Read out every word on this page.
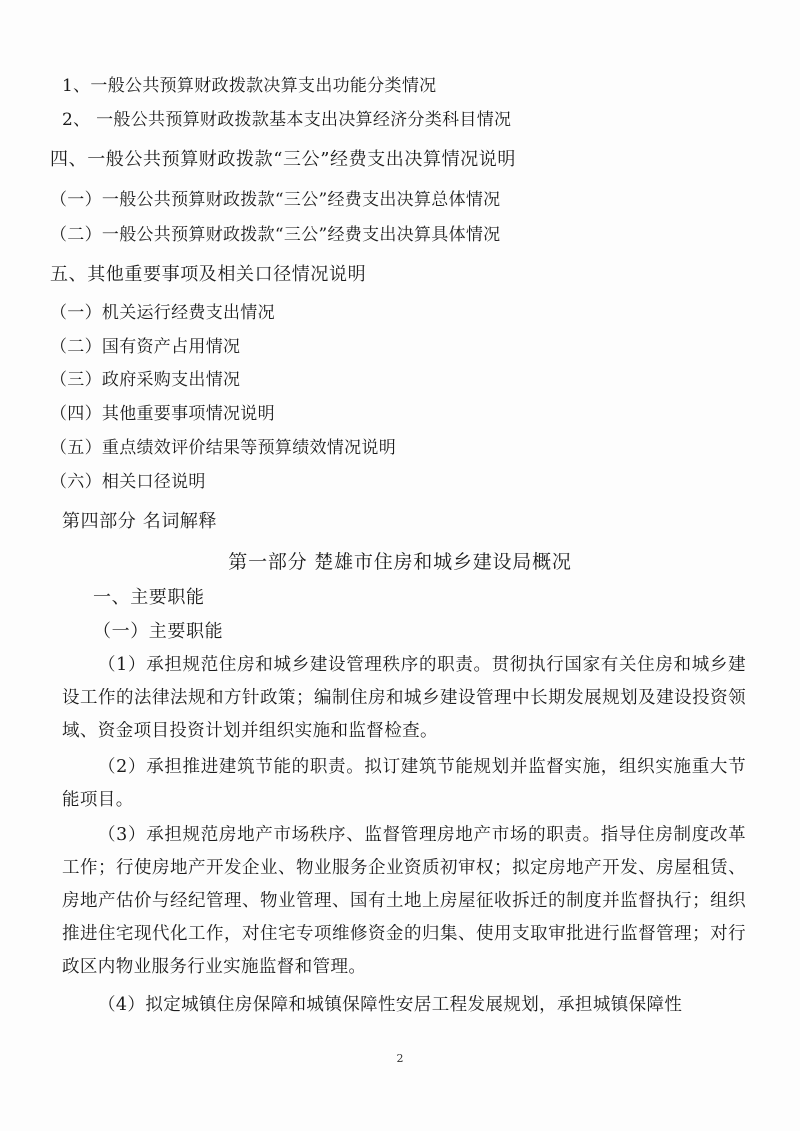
1、一般公共预算财政拨款决算支出功能分类情况
2、 一般公共预算财政拨款基本支出决算经济分类科目情况
四、一般公共预算财政拨款“三公”经费支出决算情况说明
（一）一般公共预算财政拨款“三公”经费支出决算总体情况
（二）一般公共预算财政拨款“三公”经费支出决算具体情况
五、其他重要事项及相关口径情况说明
（一）机关运行经费支出情况
（二）国有资产占用情况
（三）政府采购支出情况
（四）其他重要事项情况说明
（五）重点绩效评价结果等预算绩效情况说明
（六）相关口径说明
第四部分 名词解释
第一部分 楚雄市住房和城乡建设局概况
一、主要职能
（一）主要职能
（1）承担规范住房和城乡建设管理秩序的职责。贯彻执行国家有关住房和城乡建设工作的法律法规和方针政策；编制住房和城乡建设管理中长期发展规划及建设投资领域、资金项目投资计划并组织实施和监督检查。
（2）承担推进建筑节能的职责。拟订建筑节能规划并监督实施，组织实施重大节能项目。
（3）承担规范房地产市场秩序、监督管理房地产市场的职责。指导住房制度改革工作；行使房地产开发企业、物业服务企业资质初审权；拟定房地产开发、房屋租赁、房地产估价与经纪管理、物业管理、国有土地上房屋征收拆迁的制度并监督执行；组织推进住宅现代化工作，对住宅专项维修资金的归集、使用支取审批进行监督管理；对行政区内物业服务行业实施监督和管理。
（4）拟定城镇住房保障和城镇保障性安居工程发展规划，承担城镇保障性
2
